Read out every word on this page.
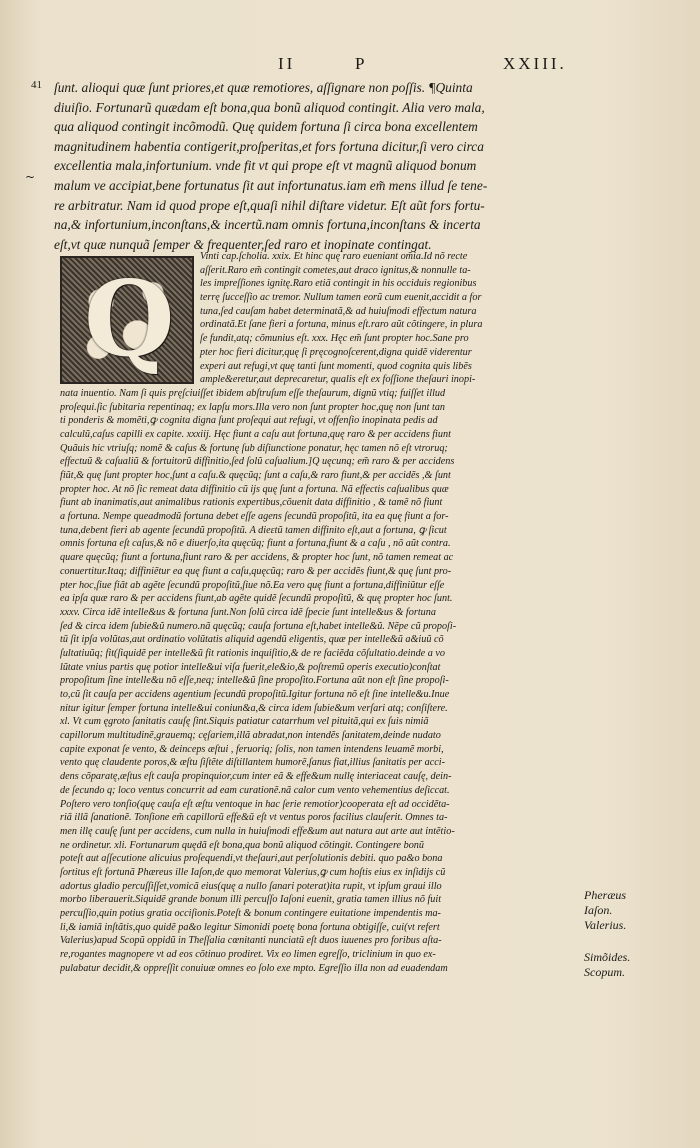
II	P	XXIII.
41
~
ſunt. alioqui quæ ſunt priores,et quæ remotiores, aſſignare non poſſis. ¶Quinta
diuiſio. Fortunarũ quædam eſt bona,qua bonũ aliquod contingit. Alia vero mala,
qua aliquod contingit incõmodũ. Quę quidem fortuna ſi circa bona excellentem
magnitudinem habentia contigerit,proſperitas,et fors fortuna dicitur,ſi vero circa
excellentia mala,infortunium. vnde fit vt qui prope eſt vt magnũ aliquod bonum
malum ve accipiat,bene fortunatus ſit aut infortunatus.iam em̃ mens illud ſe tene-
re arbitratur. Nam id quod prope eſt,quaſi nihil diſtare videtur. Eſt aũt fors fortu-
na,& infortunium,inconſtans,& incertũ.nam omnis fortuna,inconſtans & incerta
eſt,vt quæ nunquã ſemper & frequenter,ſed raro et inopinate contingat.
Q
Vinti cap.ſcholia. xxix. Et hinc quę raro eueniant om̃ia.Id nõ recte
aſſerit.Raro em̃ contingit cometes,aut draco ignitus,& nonnulle ta-
les impreſſiones ignitę.Raro etiã contingit in his occiduis regionibus
terrę ſucceſſio ac tremor. Nullum tamen eorũ cum euenit,accidit a for
tuna,ſed cauſam habet determinatã,& ad huiuſmodi effectum natura
ordinatã.Et ſane fieri a fortuna, minus eſt.raro aũt cõtingere, in plura
ſe fundit,atq; cõmunius eſt. xxx. Hęc em̃ ſunt propter hoc.Sane pro
pter hoc fieri dicitur,quę ſi pręcognoſcerent,digna quidẽ viderentur
experi aut refugi,vt quę tanti ſunt momenti, quod cognita quis libẽs
ample&eretur,aut deprecaretur, qualis eſt ex foſſione theſauri inopi-
nata inuentio. Nam ſi quis pręſciuiſſet ibidem abſtruſum eſſe theſaurum, dignũ vtiq; fuiſſet illud
proſequi.ſic ſubitaria repentinaq; ex lapſu mors.Illa vero non ſunt propter hoc,quę non ſunt tan
ti ponderis & momẽti,ꝙ cognita digna ſunt proſequi aut refugi, vt offenſio inopinata pedis ad
calculũ,caſus capilli ex capite. xxxiij. Hęc fiunt a caſu aut fortuna,quę raro & per accidens fiunt
Quãuis hic vtriuſq; nomẽ & caſus & fortunę ſub diſiunctione ponatur, hęc tamen nõ eſt vtroruq;
effectuũ & caſualiũ & fortuitorũ diffinitio,ſed ſolũ caſualium.]Q uęcunq; em̃ raro & per accidens
fiũt,& quę ſunt propter hoc,ſunt a caſu.& quęcũq; ſunt a caſu,& raro fiunt,& per accidẽs ,& ſunt
propter hoc. At nõ ſic remeat data diffinitio cũ ijs quę ſunt a fortuna. Nã effectis caſualibus quæ
fiunt ab inanimatis,aut animalibus rationis expertibus,cõuenit data diffinitio , & tamẽ nõ fiunt
a fortuna. Nempe queadmodũ fortuna debet eſſe agens ſecundũ propoſitũ, ita ea quę fiunt a for-
tuna,debent fieri ab agente ſecundũ propoſitũ. A dieɛtũ tamen diffinito eſt,aut a fortuna, ꝙ ſicut
omnis fortuna eſt caſus,& nõ e diuerſo,ita quęcũq; fiunt a fortuna,fiunt & a caſu , nõ aũt contra.
quare quęcũq; fiunt a fortuna,fiunt raro & per accidens, & propter hoc ſunt, nõ tamen remeat ac
conuertitur.Itaq; diffiniẽtur ea quę fiunt a caſu,quęcũq; raro & per accidẽs fiunt,& quę ſunt pro-
pter hoc,ſiue fiãt ab agẽte ſecundũ propoſitũ,ſiue nõ.Ea vero quę fiunt a fortuna,diffiniũtur eſſe
ea ipſa quæ raro & per accidens fiunt,ab agẽte quidẽ ſecundũ propoſitũ, & quę propter hoc ſunt.
xxxv. Circa idẽ intelle&us & fortuna ſunt.Non ſolũ circa idẽ ſpecie ſunt intelle&us & fortuna
ſed & circa idem ſubie&ũ numero.nã quęcũq; cauſa fortuna eſt,habet intelle&ũ. Nẽpe cũ propoſi-
tũ ſit ipſa volũtas,aut ordinatio volũtatis aliquid agendũ eligentis, quæ per intelle&ũ a&iuũ cõ
ſultatiuũq; fit(ſiquidẽ per intelle&ũ fit rationis inquiſitio,& de re faciẽda cõſultatio.deinde a vo
lũtate vnius partis quę potior intelle&ui viſa fuerit,ele&io,& poſtremũ operis executio)conſtat
propoſitum ſine intelle&u nõ eſſe,neq; intelle&ũ ſine propoſito.Fortuna aũt non eſt ſine propoſi-
to,cũ ſit cauſa per accidens agentium ſecundũ propoſitũ.Igitur fortuna nõ eſt ſine intelle&u.Inue
nitur igitur ſemper fortuna intelle&ui coniun&a,& circa idem ſubie&um verſari atq; conſiſtere.
xl. Vt cum ęgroto ſanitatis cauſę ſint.Siquis patiatur catarrhum vel pituitã,qui ex ſuis nimiã
capillorum multitudinẽ,grauemq; cęſariem,illã abradat,non intendẽs ſanitatem,deinde nudato
capite exponat ſe vento, & deinceps æſtui , feruoriq; ſolis, non tamen intendens leuamẽ morbi,
vento quę claudente poros,& æſtu ſiſtẽte diſtillantem humorẽ,ſanus fiat,illius ſanitatis per acci-
dens cõparatę,æſtus eſt cauſa propinquior,cum inter eã & effe&um nullę interiaceat cauſę, dein-
de ſecundo q; loco ventus concurrit ad eam curationẽ.nã calor cum vento vehementius deſiccat.
Poſtero vero tonſio(quę cauſa eſt æſtu ventoque in hac ſerie remotior)cooperata eſt ad occidẽta-
riã illã ſanationẽ. Tonſione em̃ capillorũ effe&ũ eſt vt ventus poros facilius clauſerit. Omnes ta-
men illę cauſę ſunt per accidens, cum nulla in huiuſmodi effe&um aut natura aut arte aut intẽtio-
ne ordinetur. xli. Fortunarum quędã eſt bona,qua bonũ aliquod cõtingit. Contingere bonũ
poteſt aut aſſecutione alicuius proſequendi,vt theſauri,aut perſolutionis debiti. quo pa&o bona
ſortitus eſt fortunã Phæreus ille Iaſon,de quo memorat Valerius,ꝙ cum hoſtis eius ex inſidijs cũ
adortus gladio percuſſiſſet,vomicã eius(quę a nullo ſanari poterat)ita rupit, vt ipſum graui illo
morbo liberauerit.Siquidẽ grande bonum illi percuſſo Iaſoni euenit, gratia tamen illius nõ fuit
percuſſio,quin potius gratia occiſionis.Poteſt & bonum contingere euitatione impendentis ma-
li,& iamiã inſtãtis,quo quidẽ pa&o legitur Simonidi poetę bona fortuna obtigiſſe, cui(vt refert
Valerius)apud Scopũ oppidũ in Theſſalia cœnitanti nunciatũ eſt duos iuuenes pro foribus aſta-
re,rogantes magnopere vt ad eos cõtinuo prodiret. Vix eo limen egreſſo, triclinium in quo ex-
pulabatur decidit,& oppreſſit conuiuæ omnes eo ſolo exe mpto. Egreſſio illa non ad euadendam
Pheræus
Iaſon.
Valerius.
Simõides.
Scopum.
